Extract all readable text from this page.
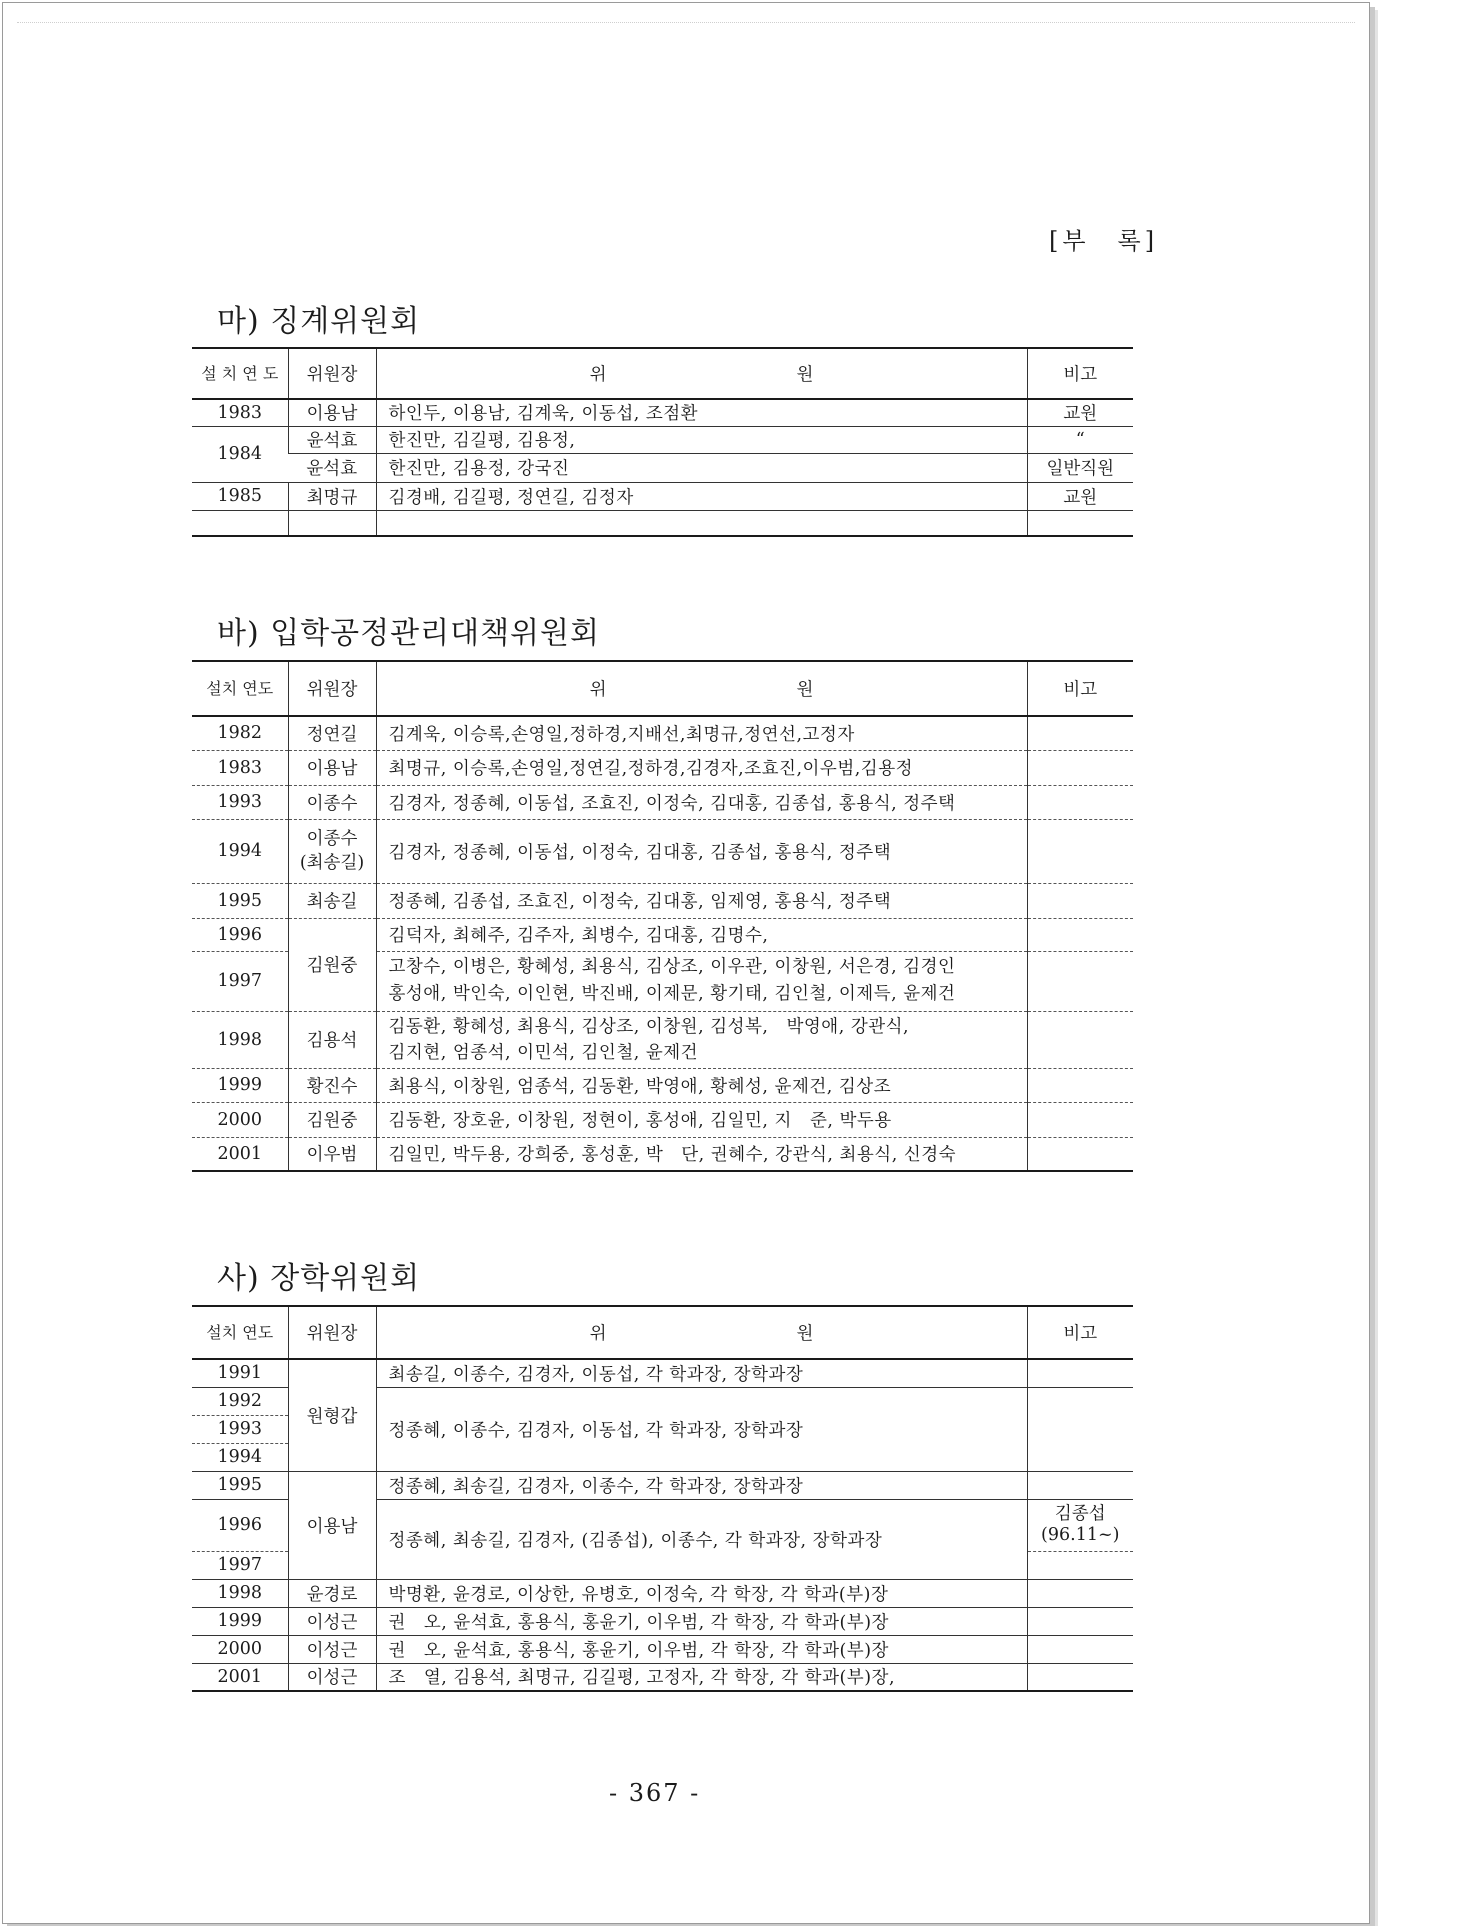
[부　록]
마) 징계위원회
설 치 연 도	위원장	위 원	비고
1983	이용남	하인두, 이용남, 김계욱, 이동섭, 조점환	교원
1984	윤석효	한진만, 김길평, 김용정,	“
	윤석효	한진만, 김용정, 강국진	일반직원
1985	최명규	김경배, 김길평, 정연길, 김정자	교원

바) 입학공정관리대책위원회
설치 연도	위원장	위 원	비고
1982	정연길	김계욱, 이승록,손영일,정하경,지배선,최명규,정연선,고정자	
1983	이용남	최명규, 이승록,손영일,정연길,정하경,김경자,조효진,이우범,김용정	
1993	이종수	김경자, 정종혜, 이동섭, 조효진, 이정숙, 김대홍, 김종섭, 홍용식, 정주택	
1994	이종수
(최송길)	김경자, 정종혜, 이동섭, 이정숙, 김대홍, 김종섭, 홍용식, 정주택	
1995	최송길	정종혜, 김종섭, 조효진, 이정숙, 김대홍, 임제영, 홍용식, 정주택	
1996	김원중	김덕자, 최혜주, 김주자, 최병수, 김대홍, 김명수,	
1997		고창수, 이병은, 황혜성, 최용식, 김상조, 이우관, 이창원, 서은경, 김경인
홍성애, 박인숙, 이인현, 박진배, 이제문, 황기태, 김인철, 이제득, 윤제건	

1998	김용석	김동환, 황혜성, 최용식, 김상조, 이창원, 김성복,　박영애, 강관식,
김지현, 엄종석, 이민석, 김인철, 윤제건	

1999	황진수	최용식, 이창원, 엄종석, 김동환, 박영애, 황혜성, 윤제건, 김상조	
2000	김원중	김동환, 장호윤, 이창원, 정현이, 홍성애, 김일민, 지　준, 박두용	
2001	이우범	김일민, 박두용, 강희중, 홍성훈, 박　단, 권혜수, 강관식, 최용식, 신경숙	
사) 장학위원회
설치 연도	위원장	위 원	비고
1991	원형갑	최송길, 이종수, 김경자, 이동섭, 각 학과장, 장학과장	
1992		정종혜, 이종수, 김경자, 이동섭, 각 학과장, 장학과장	
1993			
1994			
1995	이용남	정종혜, 최송길, 김경자, 이종수, 각 학과장, 장학과장	
1996		정종혜, 최송길, 김경자, (김종섭), 이종수, 각 학과장, 장학과장	김종섭
(96.11~)

1997			
1998	윤경로	박명환, 윤경로, 이상한, 유병호, 이정숙, 각 학장, 각 학과(부)장	
1999	이성근	권　오, 윤석효, 홍용식, 홍윤기, 이우범, 각 학장, 각 학과(부)장	
2000	이성근	권　오, 윤석효, 홍용식, 홍윤기, 이우범, 각 학장, 각 학과(부)장	
2001	이성근	조　열, 김용석, 최명규, 김길평, 고정자, 각 학장, 각 학과(부)장,	
- 367 -
